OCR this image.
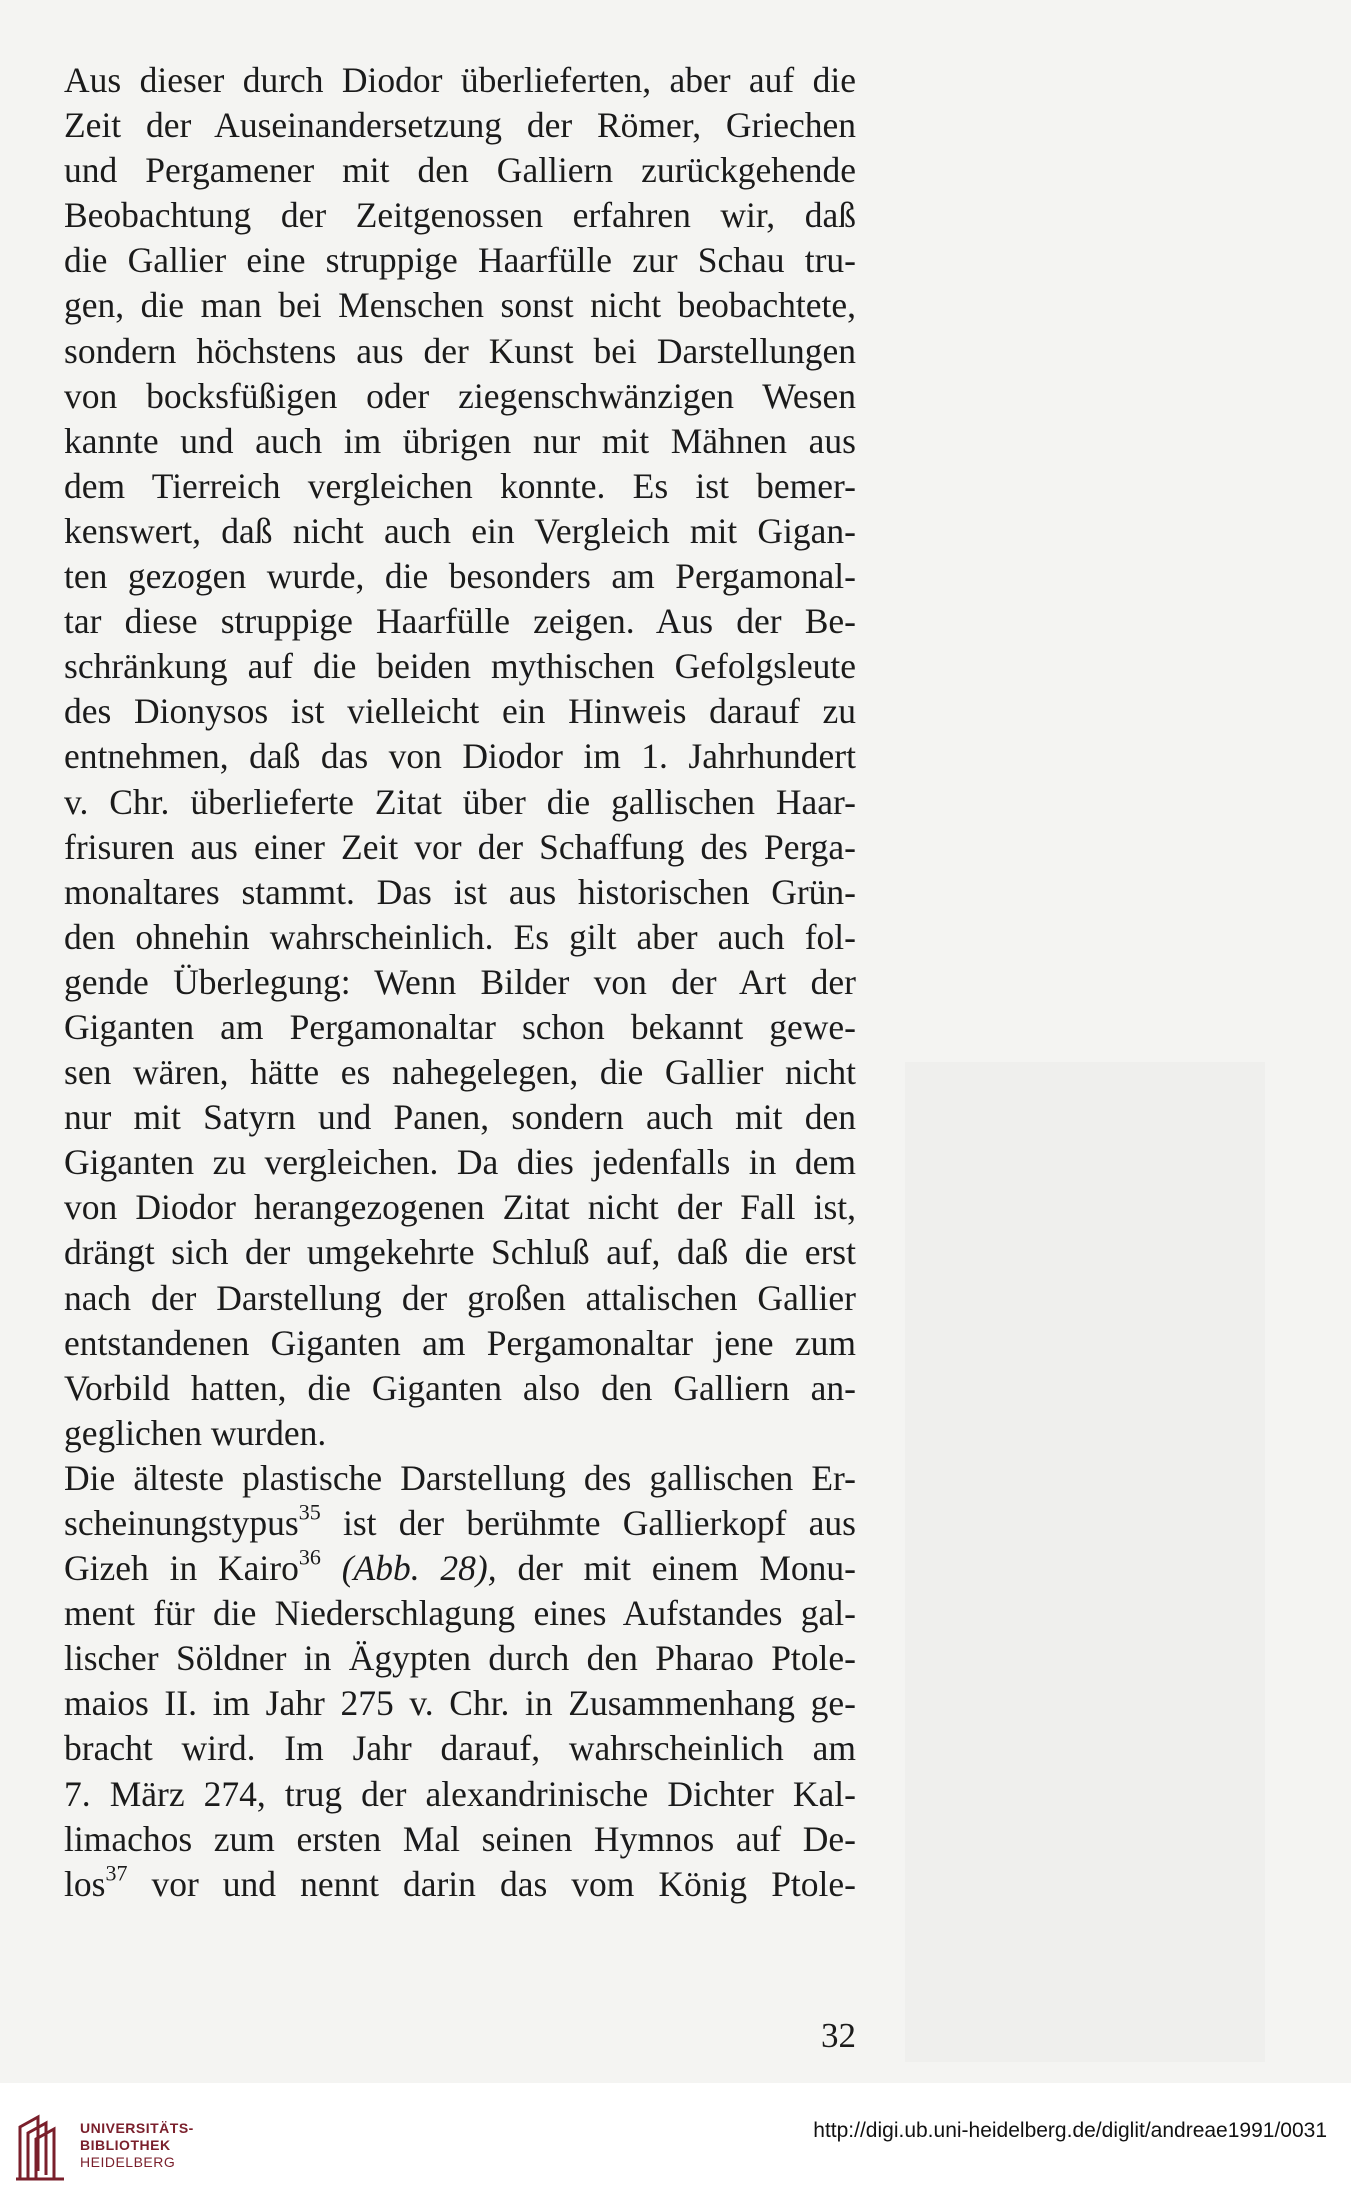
Aus dieser durch Diodor überlieferten, aber auf die
Zeit der Auseinandersetzung der Römer, Griechen
und Pergamener mit den Galliern zurückgehende
Beobachtung der Zeitgenossen erfahren wir, daß
die Gallier eine struppige Haarfülle zur Schau tru-
gen, die man bei Menschen sonst nicht beobachtete,
sondern höchstens aus der Kunst bei Darstellungen
von bocksfüßigen oder ziegenschwänzigen Wesen
kannte und auch im übrigen nur mit Mähnen aus
dem Tierreich vergleichen konnte. Es ist bemer-
kenswert, daß nicht auch ein Vergleich mit Gigan-
ten gezogen wurde, die besonders am Pergamonal-
tar diese struppige Haarfülle zeigen. Aus der Be-
schränkung auf die beiden mythischen Gefolgsleute
des Dionysos ist vielleicht ein Hinweis darauf zu
entnehmen, daß das von Diodor im 1. Jahrhundert
v. Chr. überlieferte Zitat über die gallischen Haar-
frisuren aus einer Zeit vor der Schaffung des Perga-
monaltares stammt. Das ist aus historischen Grün-
den ohnehin wahrscheinlich. Es gilt aber auch fol-
gende Überlegung: Wenn Bilder von der Art der
Giganten am Pergamonaltar schon bekannt gewe-
sen wären, hätte es nahegelegen, die Gallier nicht
nur mit Satyrn und Panen, sondern auch mit den
Giganten zu vergleichen. Da dies jedenfalls in dem
von Diodor herangezogenen Zitat nicht der Fall ist,
drängt sich der umgekehrte Schluß auf, daß die erst
nach der Darstellung der großen attalischen Gallier
entstandenen Giganten am Pergamonaltar jene zum
Vorbild hatten, die Giganten also den Galliern an-
geglichen wurden.
Die älteste plastische Darstellung des gallischen Er-
scheinungstypus$^{35}$ ist der berühmte Gallierkopf aus
Gizeh in Kairo$^{36}$ (Abb. 28), der mit einem Monu-
ment für die Niederschlagung eines Aufstandes gal-
lischer Söldner in Ägypten durch den Pharao Ptole-
maios II. im Jahr 275 v. Chr. in Zusammenhang ge-
bracht wird. Im Jahr darauf, wahrscheinlich am
7. März 274, trug der alexandrinische Dichter Kal-
limachos zum ersten Mal seinen Hymnos auf De-
los$^{37}$ vor und nennt darin das vom König Ptole-
32
UNIVERSITÄTS-
BIBLIOTHEK
HEIDELBERG
http://digi.ub.uni-heidelberg.de/diglit/andreae1991/0031
